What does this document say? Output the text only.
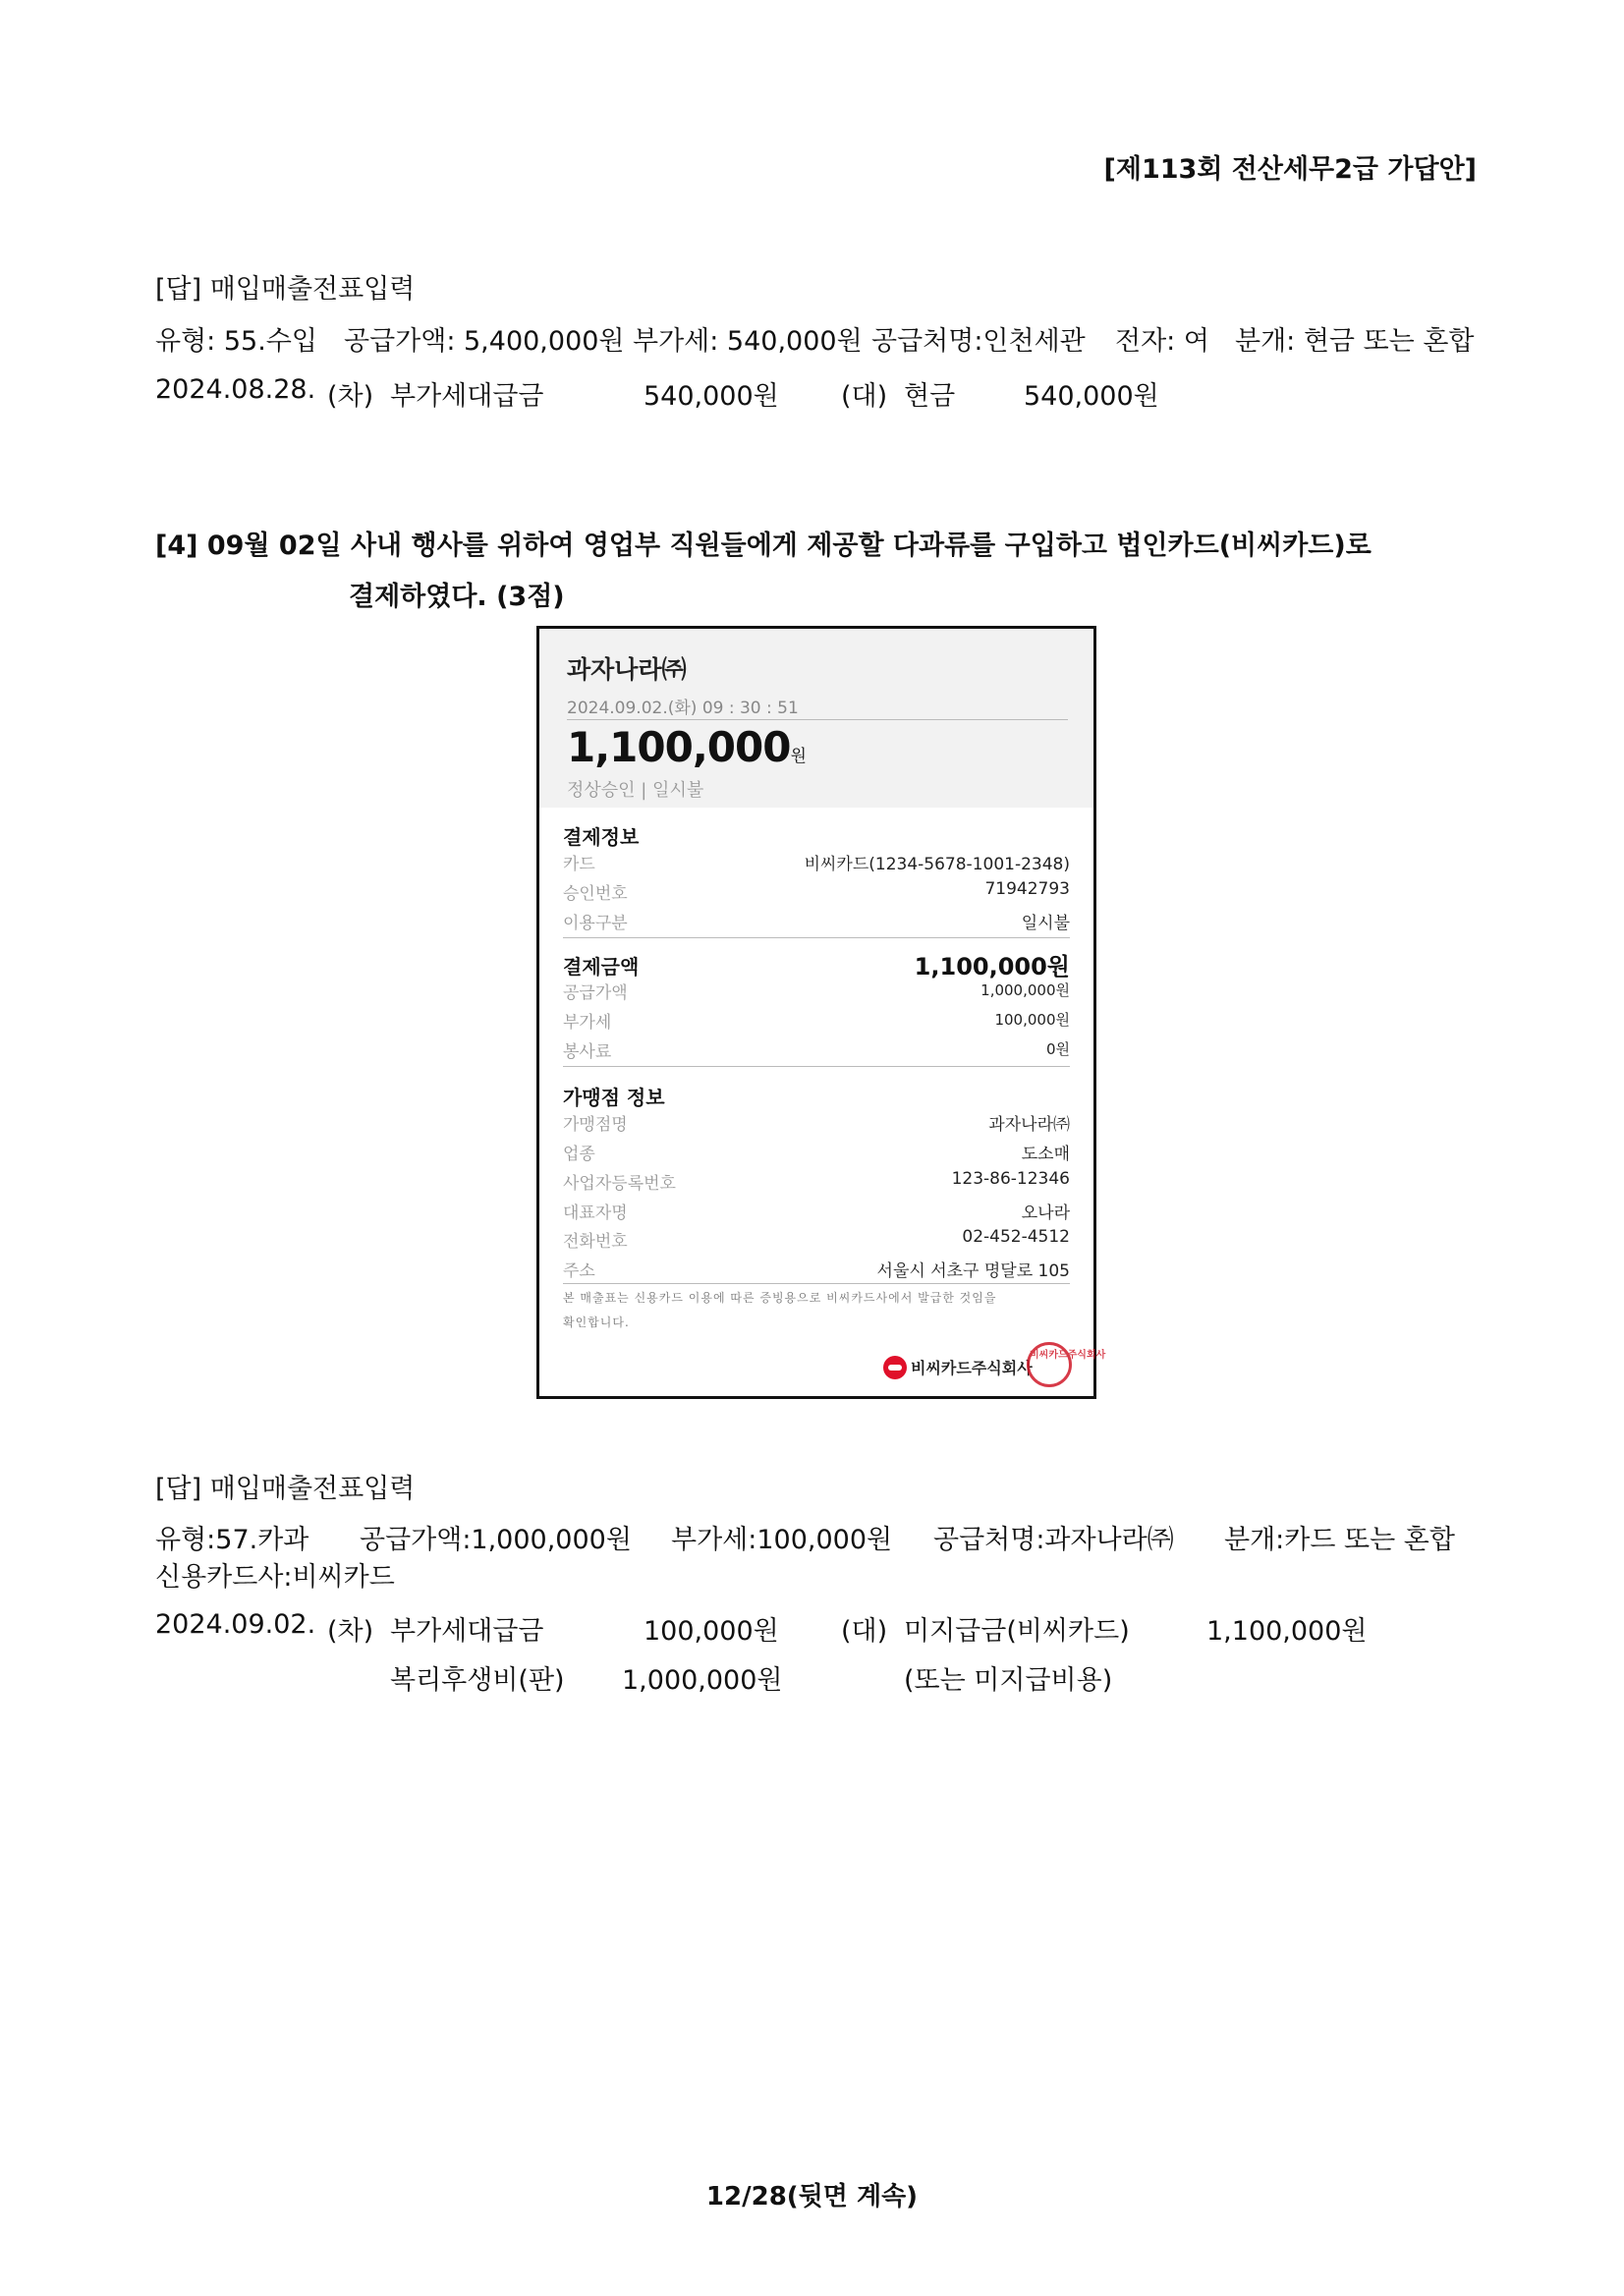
[제113회 전산세무2급 가답안]
[답] 매입매출전표입력
유형: 55.수입 공급가액: 5,400,000원 부가세: 540,000원 공급처명:인천세관 전자: 여 분개: 현금 또는 혼합
2024.08.28. (차) 부가세대급금	540,000원 (대) 현금	540,000원
[4] 09월 02일 사내 행사를 위하여 영업부 직원들에게 제공할 다과류를 구입하고 법인카드(비씨카드)로
결제하였다. (3점)
과자나라㈜
2024.09.02.(화) 09 : 30 : 51
1,100,000원
정상승인 | 일시불
결제정보
카드	비씨카드(1234-5678-1001-2348)
승인번호	71942793
이용구분	일시불
결제금액	1,100,000원
공급가액	1,000,000원
부가세	100,000원
봉사료	0원
가맹점 정보
가맹점명	과자나라㈜
업종	도소매
사업자등록번호	123-86-12346
대표자명	오나라
전화번호	02-452-4512
주소	서울시 서초구 명달로 105
본 매출표는 신용카드 이용에 따른 증빙용으로 비씨카드사에서 발급한 것임을
확인합니다.
비씨카드주식회사
비씨카드주식회사
[답] 매입매출전표입력
유형:57.카과 공급가액:1,000,000원 부가세:100,000원 공급처명:과자나라㈜ 분개:카드 또는 혼합
신용카드사:비씨카드
2024.09.02. (차) 부가세대급금	100,000원 (대) 미지급금(비씨카드)	1,100,000원
복리후생비(판) 1,000,000원	(또는 미지급비용)
12/28(뒷면 계속)
